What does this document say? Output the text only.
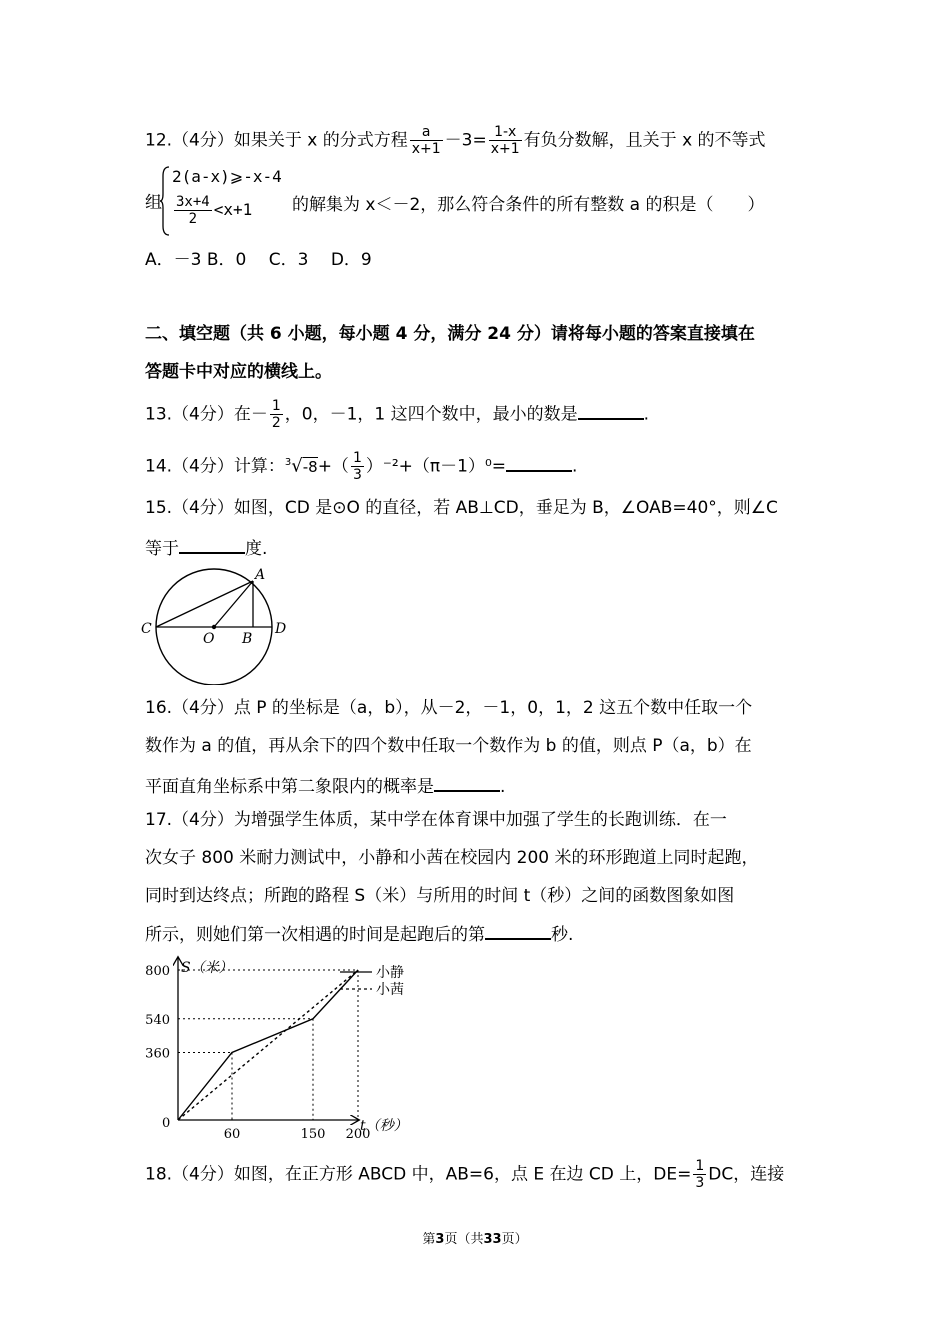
12.（4分）如果关于 x 的分式方程 $\frac{a}{x+1} -3= \frac{1-x}{x+1}$ 有负分数解，且关于 x 的不等式
组
2(a-x)⩾-x-4
$\frac{3x+4}{2} <x+1$ 的解集为 x＜－2，那么符合条件的所有整数 a 的积是（　　）
A．－3 B．0　 C．3　 D．9
二、填空题（共 6 小题，每小题 4 分，满分 24 分）请将每小题的答案直接填在
答题卡中对应的横线上。
13.（4分）在－ $\frac{1}{2}$ ，0，－1，1 这四个数中，最小的数是	.
14.（4分）计算：$^3√-8+( \frac{1}{3} )^{-2}+(\pi-1)^0=$	.
15.（4分）如图，CD 是⊙O 的直径，若 AB⊥CD，垂足为 B，∠OAB=40°，则∠C
等于	度.
A
B
C	D
O
16.（4分）点 P 的坐标是（a，b），从－2，－1，0，1，2 这五个数中任取一个
数作为 a 的值，再从余下的四个数中任取一个数作为 b 的值，则点 P（a，b）在
平面直角坐标系中第二象限内的概率是	.
17.（4分）为增强学生体质，某中学在体育课中加强了学生的长跑训练．在一
次女子 800 米耐力测试中，小静和小茜在校园内 200 米的环形跑道上同时起跑，
同时到达终点；所跑的路程 S（米）与所用的时间 t（秒）之间的函数图象如图
所示，则她们第一次相遇的时间是起跑后的第	秒.
60	150 200
360
540
800 S（米）
t（秒）
0
小静
小茜
18.（4分）如图，在正方形 ABCD 中，AB=6，点 E 在边 CD 上，$DE= \frac{1}{3}$ DC，连接
第3页（共33页）
